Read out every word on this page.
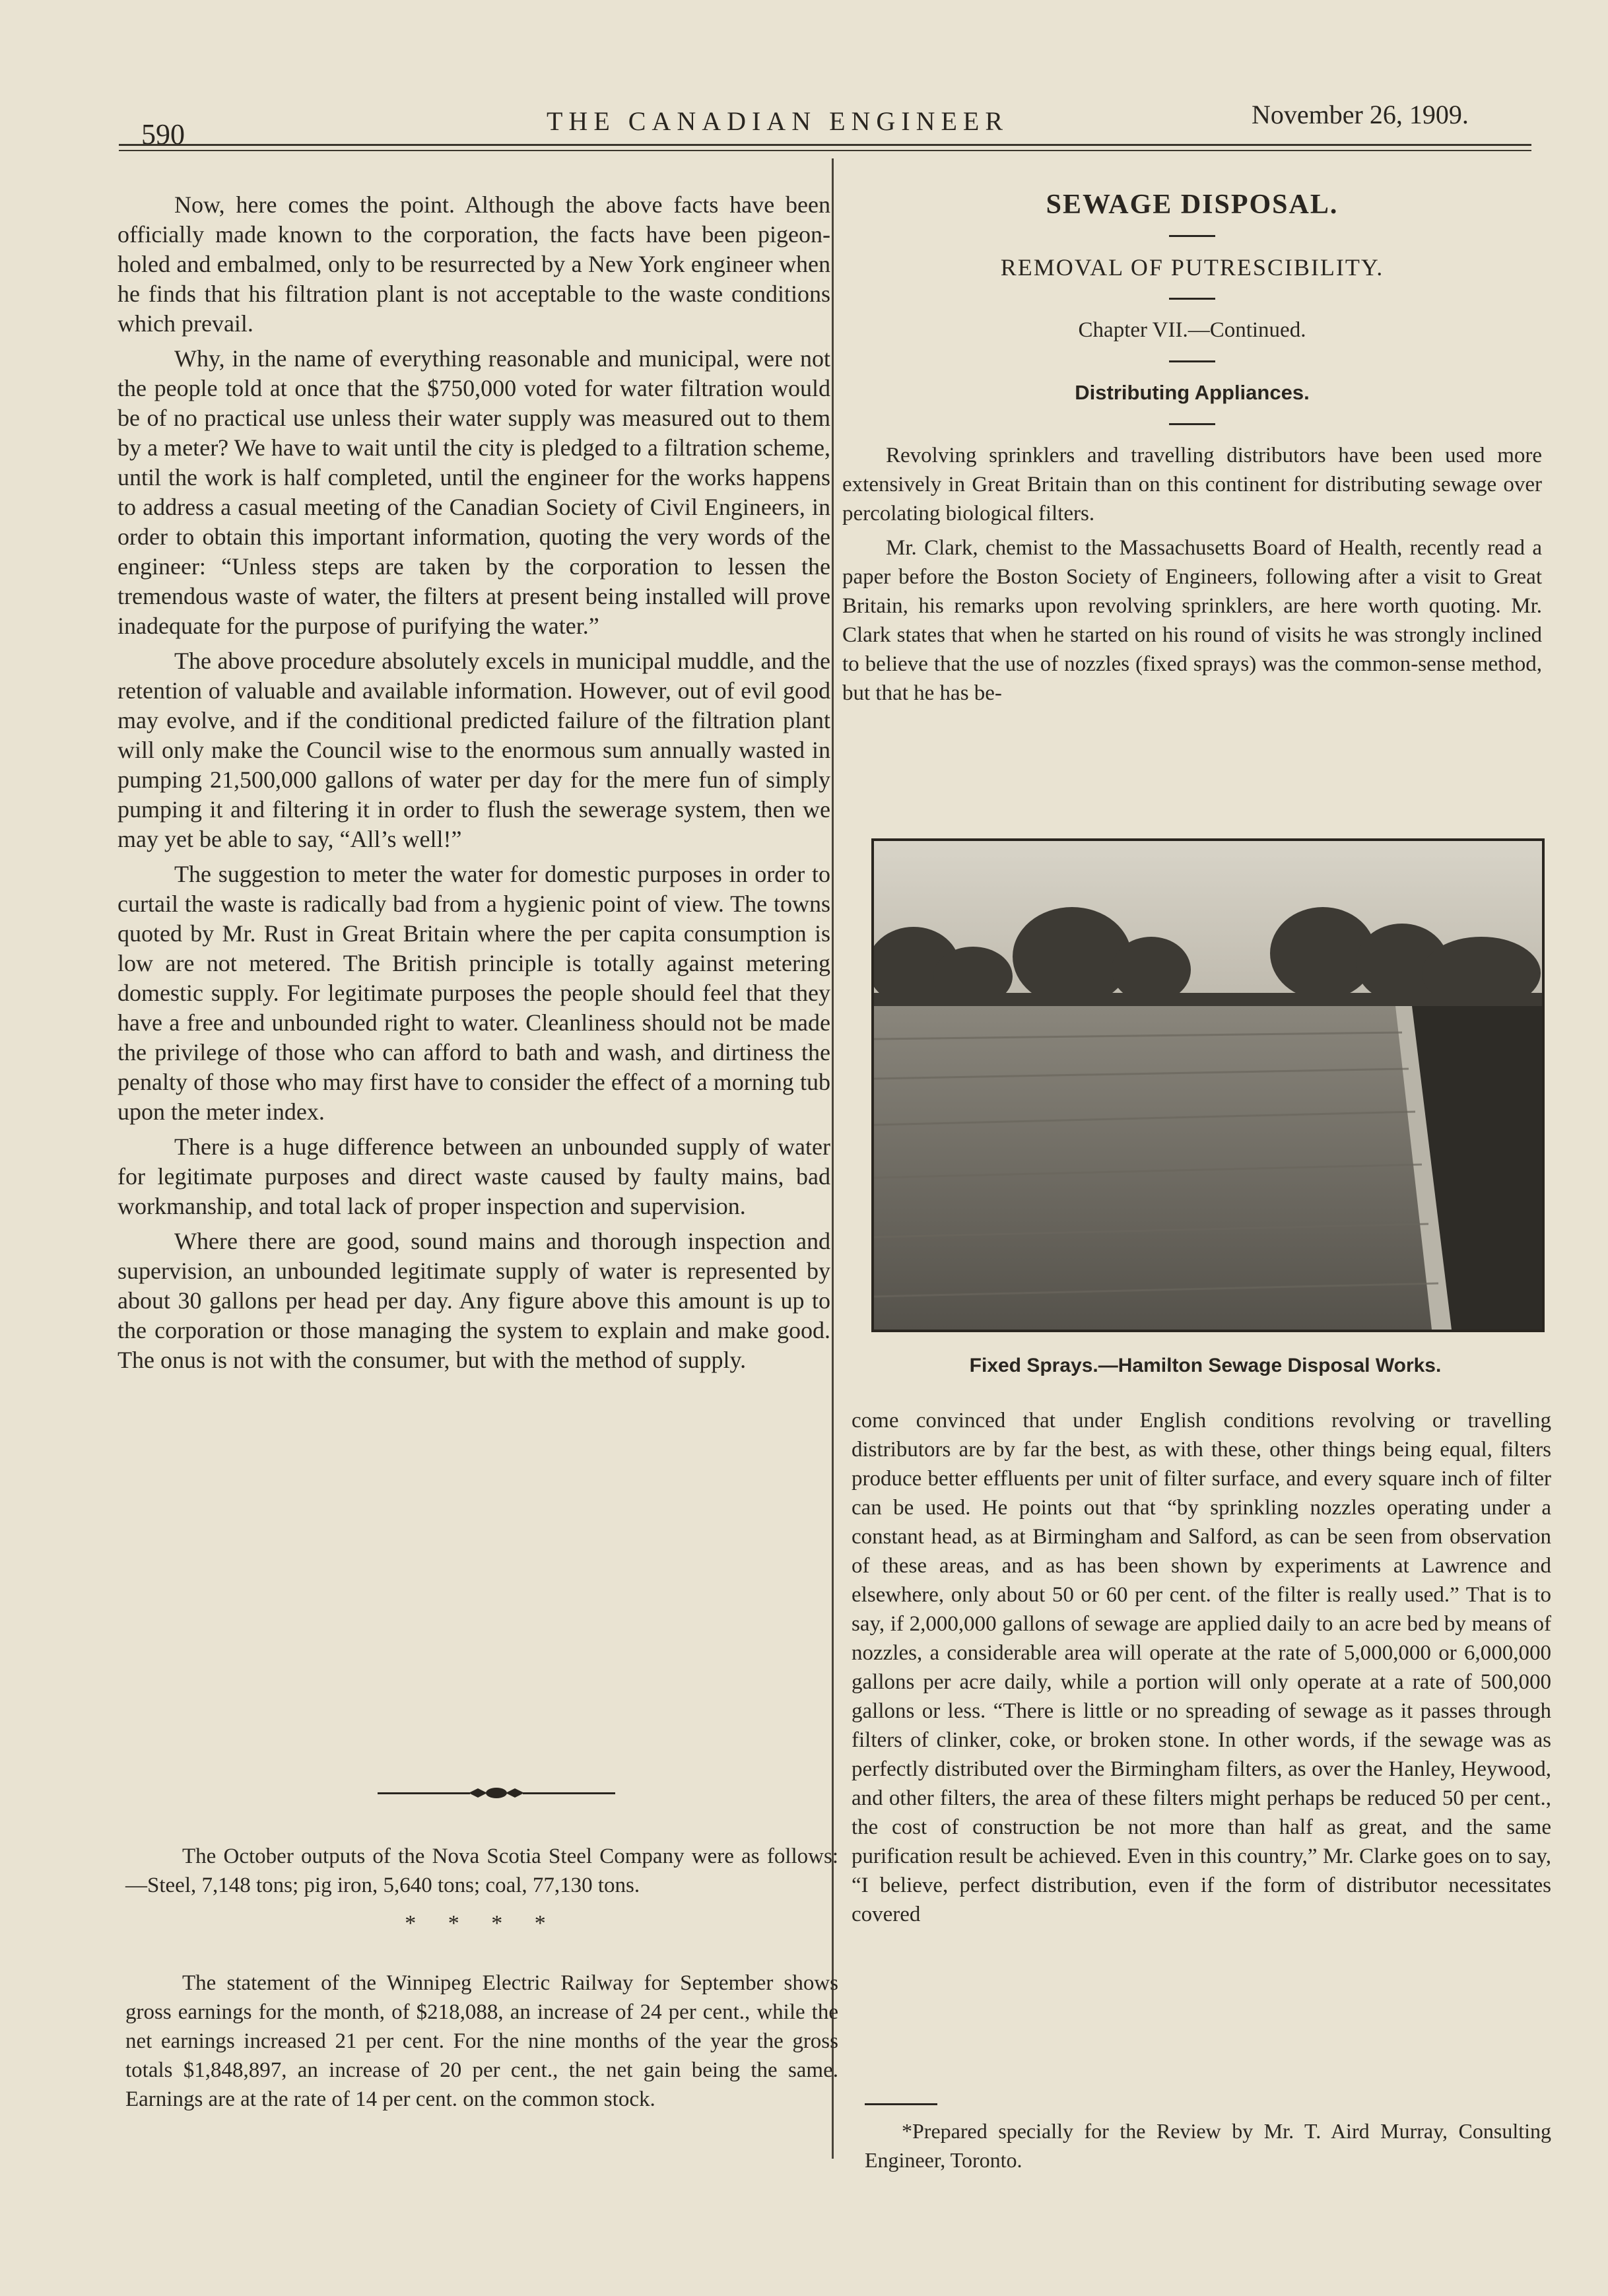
590	THE CANADIAN ENGINEER	November 26, 1909.

Now, here comes the point. Although the above facts have been officially made known to the corporation, the facts have been pigeon-holed and embalmed, only to be resurrected by a New York engineer when he finds that his filtration plant is not acceptable to the waste conditions which prevail.

Why, in the name of everything reasonable and municipal, were not the people told at once that the $750,000 voted for water filtration would be of no practical use unless their water supply was measured out to them by a meter? We have to wait until the city is pledged to a filtration scheme, until the work is half completed, until the engineer for the works happens to address a casual meeting of the Canadian Society of Civil Engineers, in order to obtain this important information, quoting the very words of the engineer: “Unless steps are taken by the corporation to lessen the tremendous waste of water, the filters at present being installed will prove inadequate for the purpose of purifying the water.”

The above procedure absolutely excels in municipal muddle, and the retention of valuable and available information. However, out of evil good may evolve, and if the conditional predicted failure of the filtration plant will only make the Council wise to the enormous sum annually wasted in pumping 21,500,000 gallons of water per day for the mere fun of simply pumping it and filtering it in order to flush the sewerage system, then we may yet be able to say, “All’s well!”

The suggestion to meter the water for domestic purposes in order to curtail the waste is radically bad from a hygienic point of view. The towns quoted by Mr. Rust in Great Britain where the per capita consumption is low are not metered. The British principle is totally against metering domestic supply. For legitimate purposes the people should feel that they have a free and unbounded right to water. Cleanliness should not be made the privilege of those who can afford to bath and wash, and dirtiness the penalty of those who may first have to consider the effect of a morning tub upon the meter index.

There is a huge difference between an unbounded supply of water for legitimate purposes and direct waste caused by faulty mains, bad workmanship, and total lack of proper inspection and supervision.

Where there are good, sound mains and thorough inspection and supervision, an unbounded legitimate supply of water is represented by about 30 gallons per head per day. Any figure above this amount is up to the corporation or those managing the system to explain and make good. The onus is not with the consumer, but with the method of supply.

The October outputs of the Nova Scotia Steel Company were as follows:—Steel, 7,148 tons; pig iron, 5,640 tons; coal, 77,130 tons.

* * * *

The statement of the Winnipeg Electric Railway for September shows gross earnings for the month, of $218,088, an increase of 24 per cent., while the net earnings increased 21 per cent. For the nine months of the year the gross totals $1,848,897, an increase of 20 per cent., the net gain being the same. Earnings are at the rate of 14 per cent. on the common stock.

SEWAGE DISPOSAL.
REMOVAL OF PUTRESCIBILITY.
Chapter VII.—Continued.
Distributing Appliances.

Revolving sprinklers and travelling distributors have been used more extensively in Great Britain than on this continent for distributing sewage over percolating biological filters.

Mr. Clark, chemist to the Massachusetts Board of Health, recently read a paper before the Boston Society of Engineers, following after a visit to Great Britain, his remarks upon revolving sprinklers, are here worth quoting. Mr. Clark states that when he started on his round of visits he was strongly inclined to believe that the use of nozzles (fixed sprays) was the common-sense method, but that he has be-

Fixed Sprays.—Hamilton Sewage Disposal Works.

come convinced that under English conditions revolving or travelling distributors are by far the best, as with these, other things being equal, filters produce better effluents per unit of filter surface, and every square inch of filter can be used. He points out that “by sprinkling nozzles operating under a constant head, as at Birmingham and Salford, as can be seen from observation of these areas, and as has been shown by experiments at Lawrence and elsewhere, only about 50 or 60 per cent. of the filter is really used.” That is to say, if 2,000,000 gallons of sewage are applied daily to an acre bed by means of nozzles, a considerable area will operate at the rate of 5,000,000 or 6,000,000 gallons per acre daily, while a portion will only operate at a rate of 500,000 gallons or less. “There is little or no spreading of sewage as it passes through filters of clinker, coke, or broken stone. In other words, if the sewage was as perfectly distributed over the Birmingham filters, as over the Hanley, Heywood, and other filters, the area of these filters might perhaps be reduced 50 per cent., the cost of construction be not more than half as great, and the same purification result be achieved. Even in this country,” Mr. Clarke goes on to say, “I believe, perfect distribution, even if the form of distributor necessitates covered

*Prepared specially for the Review by Mr. T. Aird Murray, Consulting Engineer, Toronto.
